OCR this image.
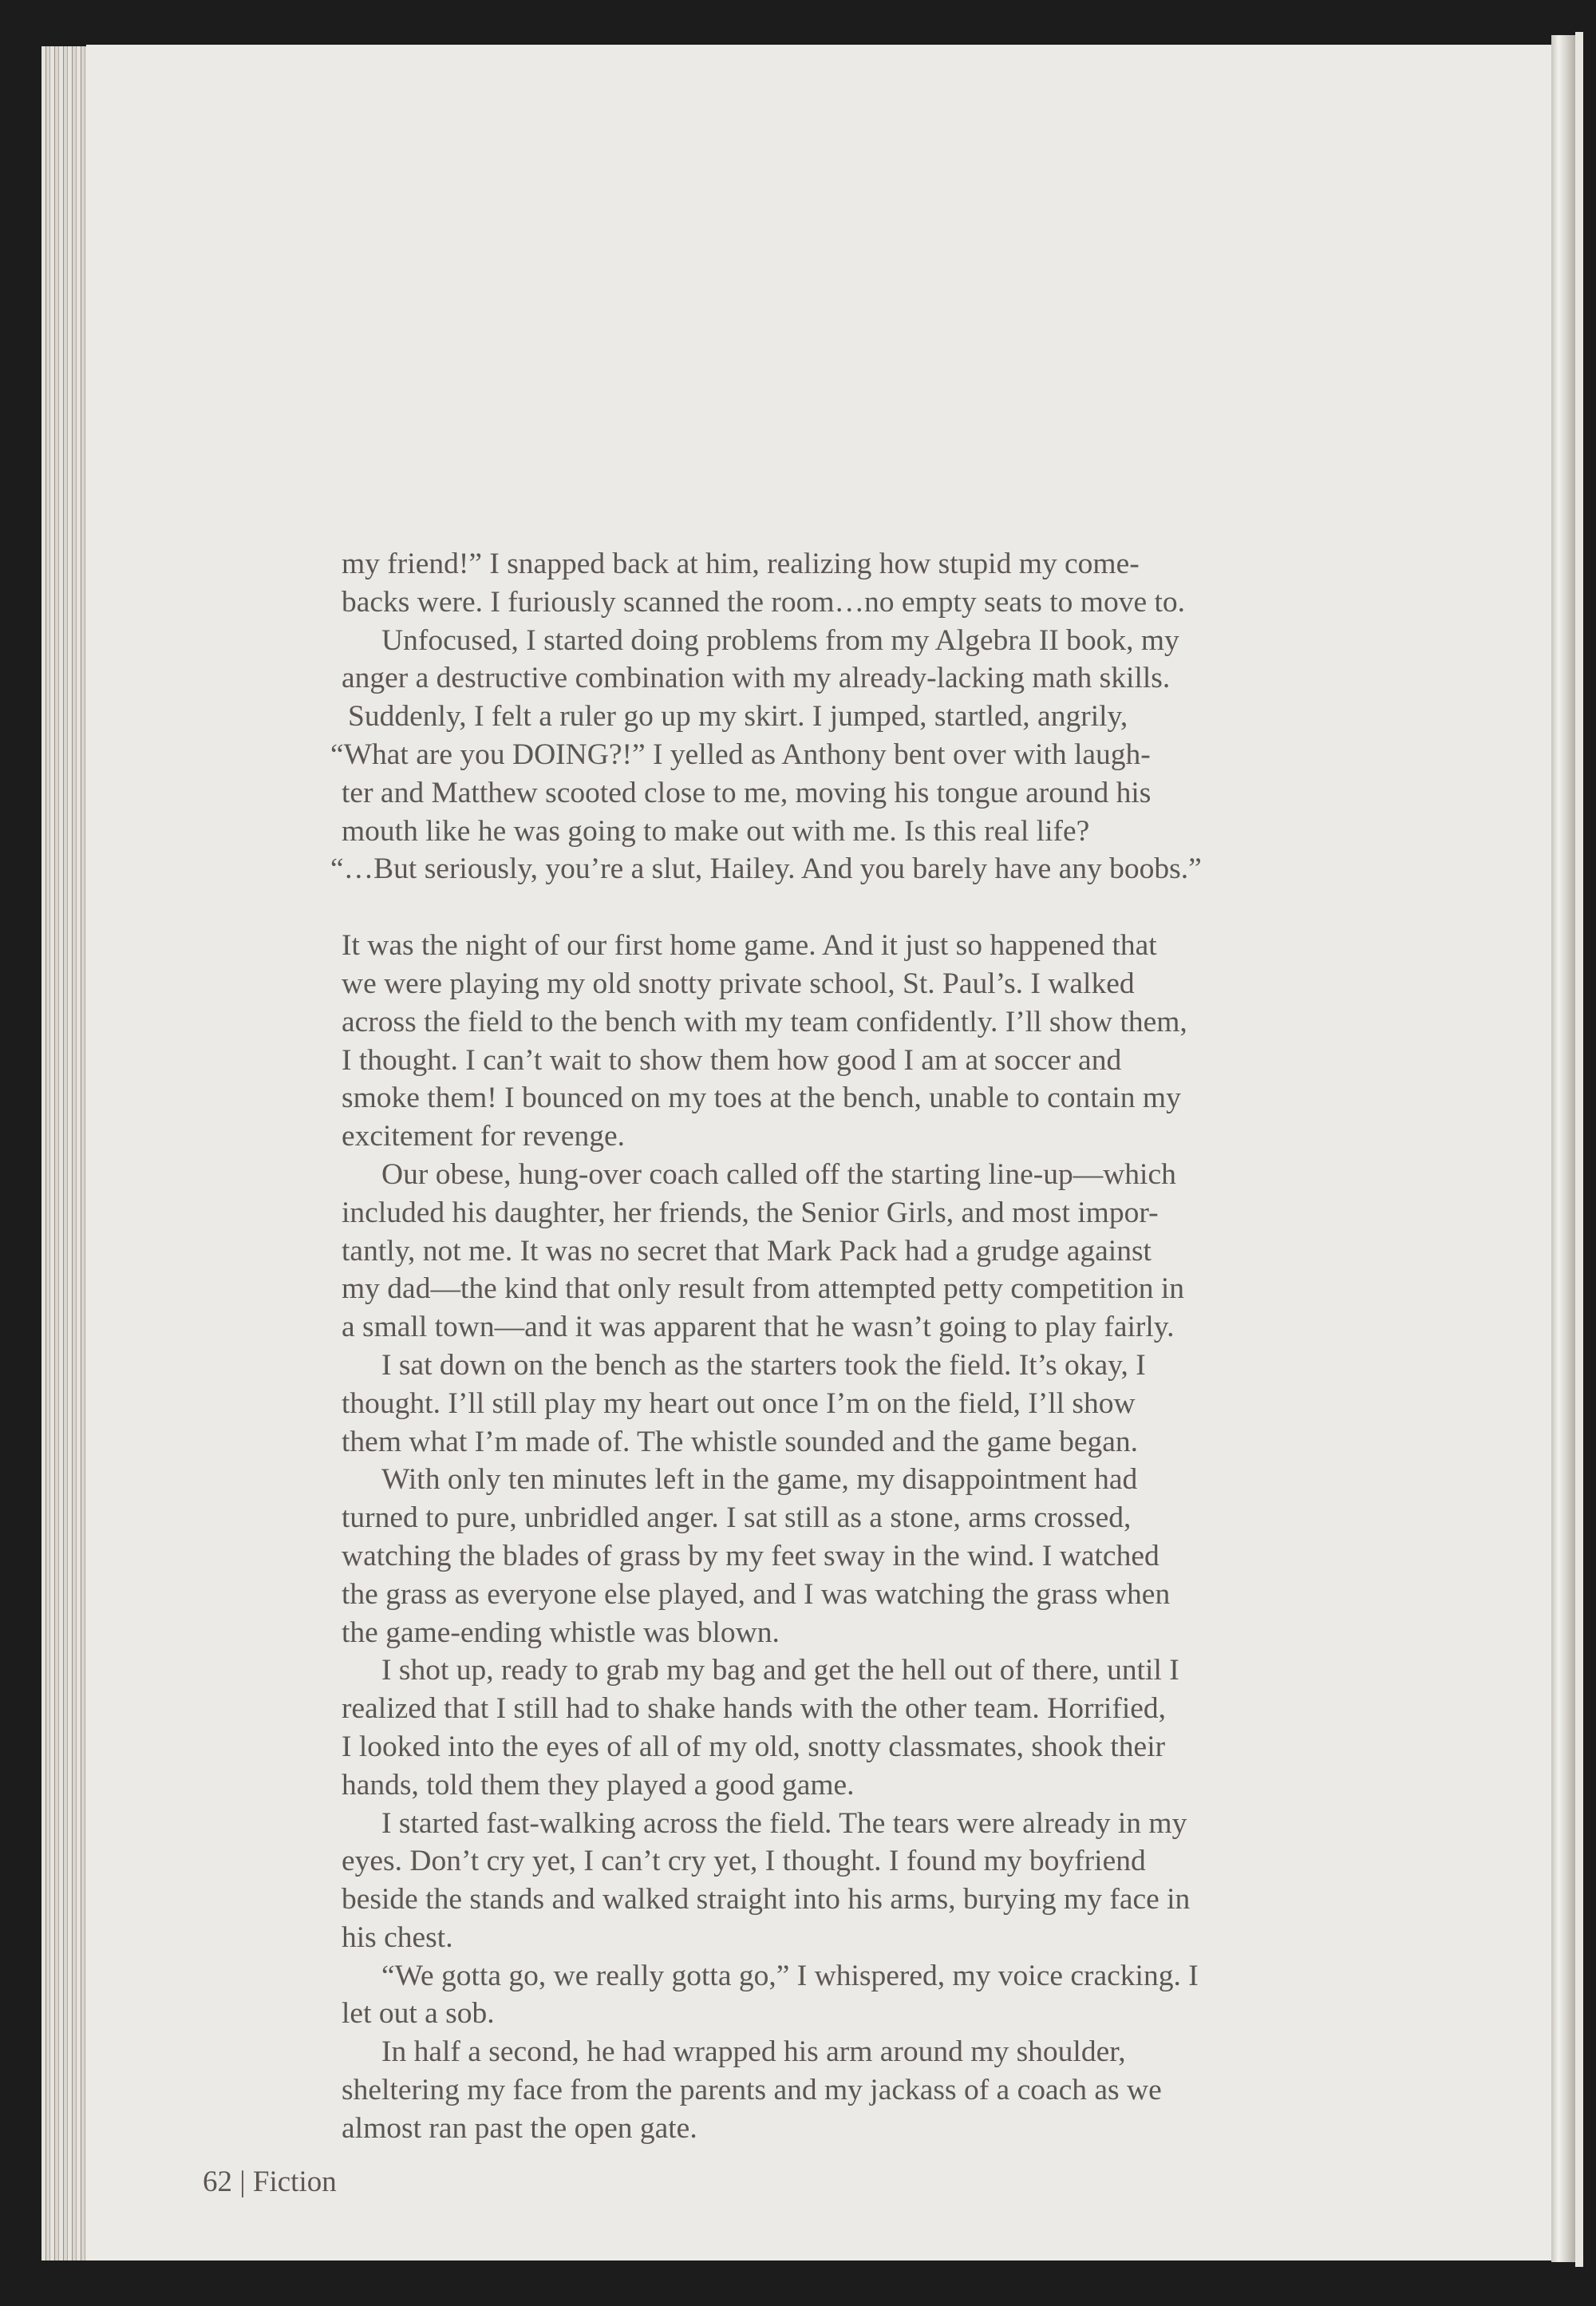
my friend!” I snapped back at him, realizing how stupid my come-

backs were. I furiously scanned the room…no empty seats to move to.

Unfocused, I started doing problems from my Algebra II book, my

anger a destructive combination with my already-lacking math skills.

Suddenly, I felt a ruler go up my skirt. I jumped, startled, angrily,

“What are you DOING?!” I yelled as Anthony bent over with laugh-

ter and Matthew scooted close to me, moving his tongue around his

mouth like he was going to make out with me. Is this real life?

“…But seriously, you’re a slut, Hailey. And you barely have any boobs.”

It was the night of our first home game. And it just so happened that

we were playing my old snotty private school, St. Paul’s. I walked

across the field to the bench with my team confidently. I’ll show them,

I thought. I can’t wait to show them how good I am at soccer and

smoke them! I bounced on my toes at the bench, unable to contain my

excitement for revenge.

Our obese, hung-over coach called off the starting line-up—which

included his daughter, her friends, the Senior Girls, and most impor-

tantly, not me. It was no secret that Mark Pack had a grudge against

my dad—the kind that only result from attempted petty competition in

a small town—and it was apparent that he wasn’t going to play fairly.

I sat down on the bench as the starters took the field. It’s okay, I

thought. I’ll still play my heart out once I’m on the field, I’ll show

them what I’m made of. The whistle sounded and the game began.

With only ten minutes left in the game, my disappointment had

turned to pure, unbridled anger. I sat still as a stone, arms crossed,

watching the blades of grass by my feet sway in the wind. I watched

the grass as everyone else played, and I was watching the grass when

the game-ending whistle was blown.

I shot up, ready to grab my bag and get the hell out of there, until I

realized that I still had to shake hands with the other team. Horrified,

I looked into the eyes of all of my old, snotty classmates, shook their

hands, told them they played a good game.

I started fast-walking across the field. The tears were already in my

eyes. Don’t cry yet, I can’t cry yet, I thought. I found my boyfriend

beside the stands and walked straight into his arms, burying my face in

his chest.

“We gotta go, we really gotta go,” I whispered, my voice cracking. I

let out a sob.

In half a second, he had wrapped his arm around my shoulder,

sheltering my face from the parents and my jackass of a coach as we

almost ran past the open gate.

62 | Fiction
